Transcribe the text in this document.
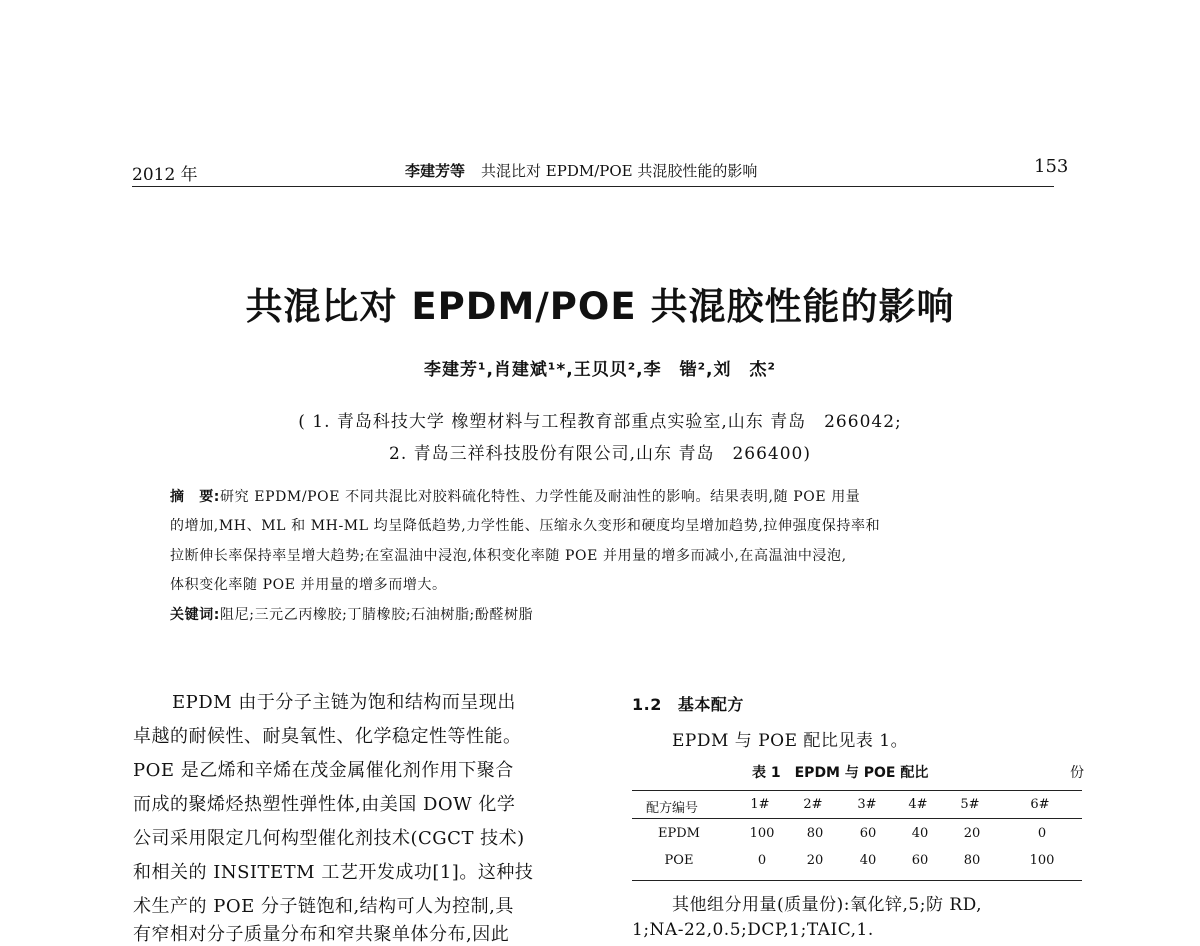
2012 年	李建芳等 共混比对 EPDM/POE 共混胶性能的影响	153
共混比对 EPDM/POE 共混胶性能的影响
李建芳¹,肖建斌¹*,王贝贝²,李　锴²,刘　杰²
( 1. 青岛科技大学 橡塑材料与工程教育部重点实验室,山东 青岛　266042;
2. 青岛三祥科技股份有限公司,山东 青岛　266400)
摘　要:研究 EPDM/POE 不同共混比对胶料硫化特性、力学性能及耐油性的影响。结果表明,随 POE 用量
的增加,MH、ML 和 MH-ML 均呈降低趋势,力学性能、压缩永久变形和硬度均呈增加趋势,拉伸强度保持率和
拉断伸长率保持率呈增大趋势;在室温油中浸泡,体积变化率随 POE 并用量的增多而减小,在高温油中浸泡,
体积变化率随 POE 并用量的增多而增大。
关键词:阻尼;三元乙丙橡胶;丁腈橡胶;石油树脂;酚醛树脂
EPDM 由于分子主链为饱和结构而呈现出
卓越的耐候性、耐臭氧性、化学稳定性等性能。
POE 是乙烯和辛烯在茂金属催化剂作用下聚合
而成的聚烯烃热塑性弹性体,由美国 DOW 化学
公司采用限定几何构型催化剂技术(CGCT 技术)
和相关的 INSITETM 工艺开发成功[1]。这种技
术生产的 POE 分子链饱和,结构可人为控制,具
有窄相对分子质量分布和窄共聚单体分布,因此
1.2 基本配方
EPDM 与 POE 配比见表 1。
表 1　EPDM 与 POE 配比	份
配方编号	1#	2#	3# 4#	5#	6#
EPDM	100 80	60	40	20	0
POE	0	20	40	60	80	100
其他组分用量(质量份):氧化锌,5;防 RD,
1;NA-22,0.5;DCP,1;TAIC,1.
